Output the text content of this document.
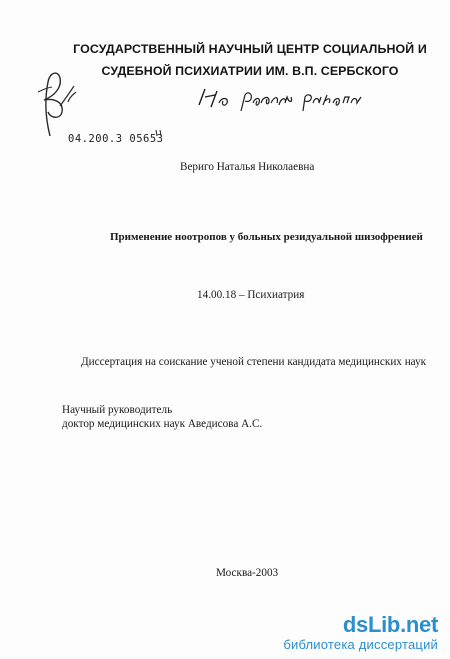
ГОСУДАРСТВЕННЫЙ НАУЧНЫЙ ЦЕНТР СОЦИАЛЬНОЙ И
СУДЕБНОЙ ПСИХИАТРИИ ИМ. В.П. СЕРБСКОГО
04.200.3 05653
Вериго Наталья Николаевна
Применение ноотропов у больных резидуальной шизофренией
14.00.18 – Психиатрия
Диссертация на соискание ученой степени кандидата медицинских наук
Научный руководитель
доктор медицинских наук Аведисова А.С.
Москва-2003
dsLib.net
библиотека диссертаций
